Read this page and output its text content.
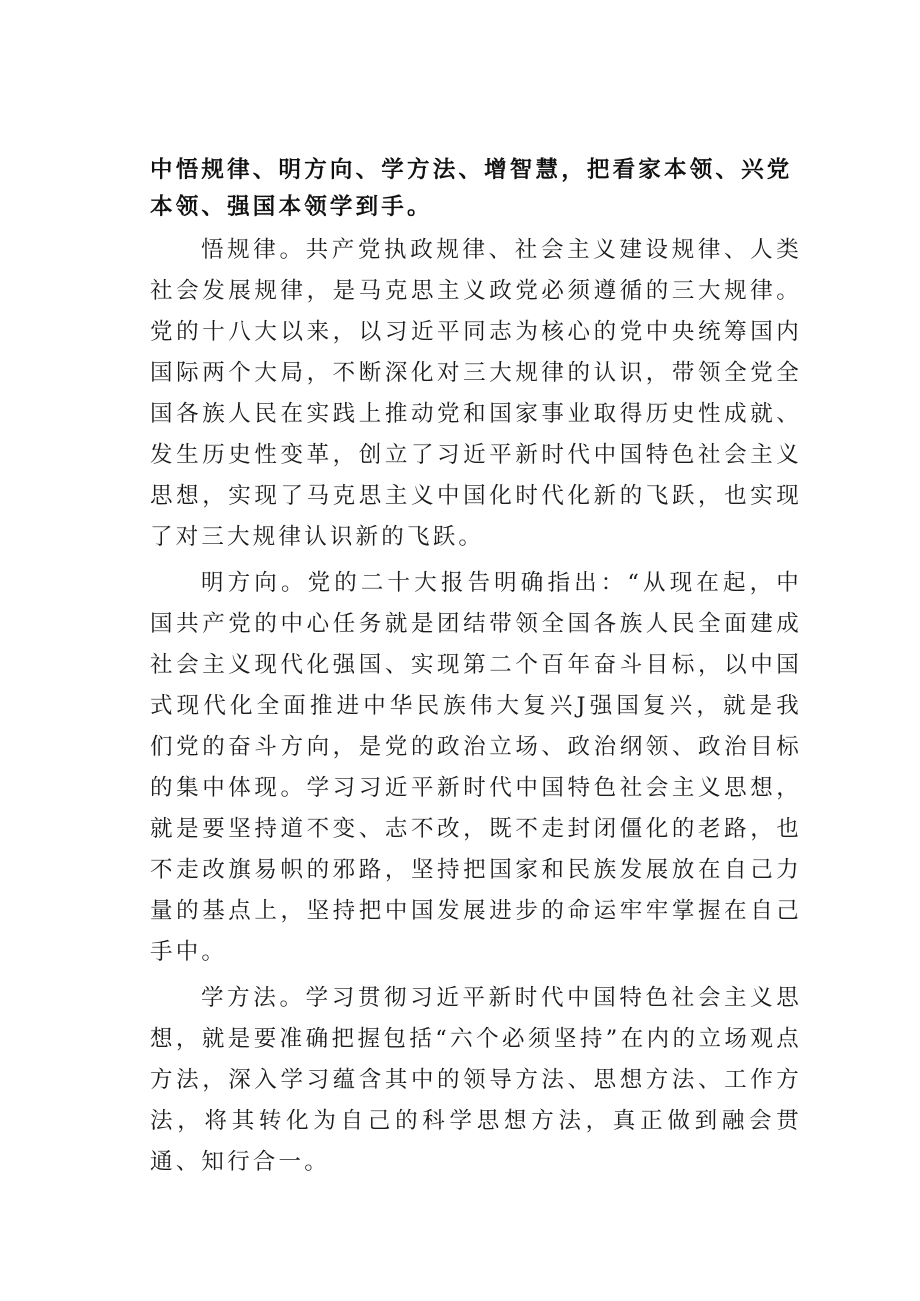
中悟规律、明方向、学方法、增智慧，把看家本领、兴党本领、强国本领学到手。

悟规律。共产党执政规律、社会主义建设规律、人类社会发展规律，是马克思主义政党必须遵循的三大规律。党的十八大以来，以习近平同志为核心的党中央统筹国内国际两个大局，不断深化对三大规律的认识，带领全党全国各族人民在实践上推动党和国家事业取得历史性成就、发生历史性变革，创立了习近平新时代中国特色社会主义思想，实现了马克思主义中国化时代化新的飞跃，也实现了对三大规律认识新的飞跃。

明方向。党的二十大报告明确指出：“从现在起，中国共产党的中心任务就是团结带领全国各族人民全面建成社会主义现代化强国、实现第二个百年奋斗目标，以中国式现代化全面推进中华民族伟大复兴J强国复兴，就是我们党的奋斗方向，是党的政治立场、政治纲领、政治目标的集中体现。学习习近平新时代中国特色社会主义思想，就是要坚持道不变、志不改，既不走封闭僵化的老路，也不走改旗易帜的邪路，坚持把国家和民族发展放在自己力量的基点上，坚持把中国发展进步的命运牢牢掌握在自己手中。

学方法。学习贯彻习近平新时代中国特色社会主义思想，就是要准确把握包括“六个必须坚持”在内的立场观点方法，深入学习蕴含其中的领导方法、思想方法、工作方法，将其转化为自己的科学思想方法，真正做到融会贯通、知行合一。
